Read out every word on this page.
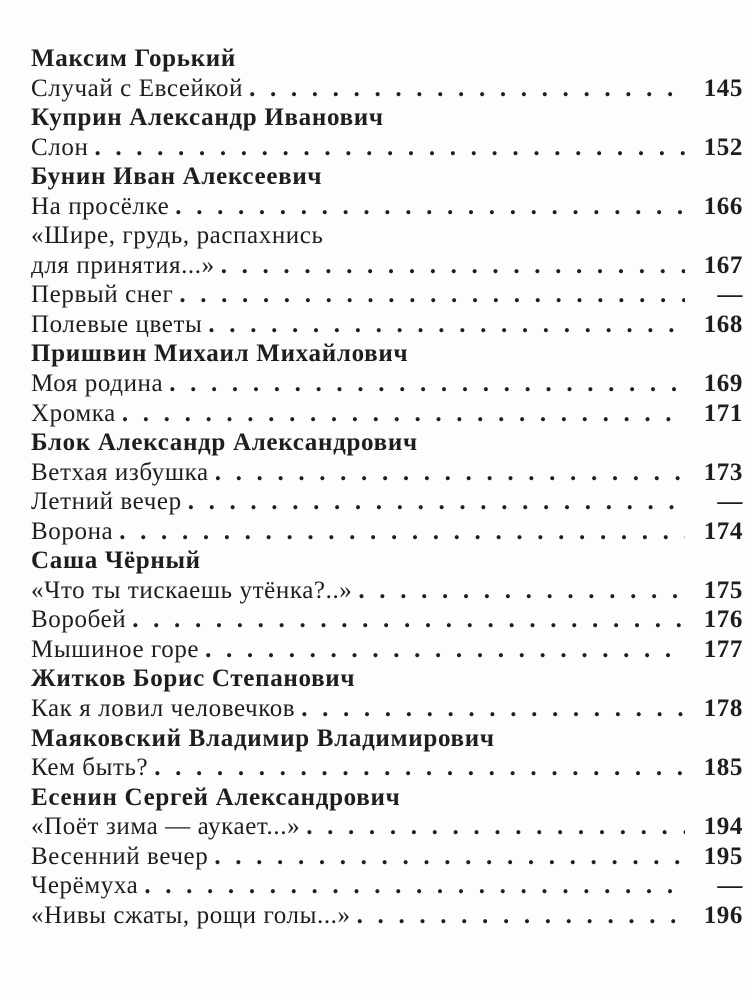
Максим Горький
Случай с Евсейкой . . .	145
Куприн Александр Иванович
Слон . . .	152
Бунин Иван Алексеевич
На просёлке . . .	166
«Шире, грудь, распахнись
для принятия...» . . .	167
Первый снег . . .	—
Полевые цветы . . .	168
Пришвин Михаил Михайлович
Моя родина . . .	169
Хромка . . .	171
Блок Александр Александрович
Ветхая избушка . . .	173
Летний вечер . . .	—
Ворона . . .	174
Саша Чёрный
«Что ты тискаешь утёнка?..» . . .	175
Воробей . . .	176
Мышиное горе . . .	177
Житков Борис Степанович
Как я ловил человечков . . .	178
Маяковский Владимир Владимирович
Кем быть? . . .	185
Есенин Сергей Александрович
«Поёт зима — аукает...» . . .	194
Весенний вечер . . .	195
Черёмуха . . .	—
«Нивы сжаты, рощи голы...» . . .	196
